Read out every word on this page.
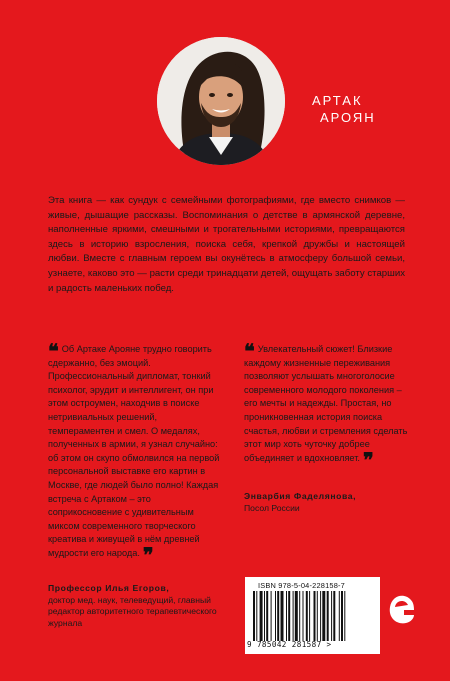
АРТАК
АРОЯН
Эта книга — как сундук с семейными фотографиями, где вместо снимков — живые, дышащие рассказы. Воспоминания о детстве в армянской деревне, наполненные яркими, смешными и трогательными историями, превращаются здесь в историю взросления, поиска себя, крепкой дружбы и настоящей любви. Вместе с главным героем вы окунётесь в атмосферу большой семьи, узнаете, каково это — расти среди тринадцати детей, ощущать заботу старших и радость маленьких побед.
❝ Об Артаке Арояне трудно говорить сдержанно, без эмоций. Профессиональный дипломат, тонкий психолог, эрудит и интеллигент, он при этом остроумен, находчив в поиске нетривиальных решений, темпераментен и смел. О медалях, полученных в армии, я узнал случайно: об этом он скупо обмолвился на первой персональной выставке его картин в Москве, где людей было полно! Каждая встреча с Артаком – это соприкосновение с удивительным миксом современного творческого креатива и живущей в нём древней мудрости его народа. ❞
Профессор Илья Егоров,
доктор мед. наук, телеведущий, главный редактор авторитетного терапевтического журнала
❝ Увлекательный сюжет! Близкие каждому жизненные переживания позволяют услышать многоголосие современного молодого поколения – его мечты и надежды. Простая, но проникновенная история поиска счастья, любви и стремления сделать этот мир хоть чуточку добрее объединяет и вдохновляет. ❞
Энварбия Фаделянова,
Посол России
ISBN 978-5-04-228158-7
9 785042 281587 >
